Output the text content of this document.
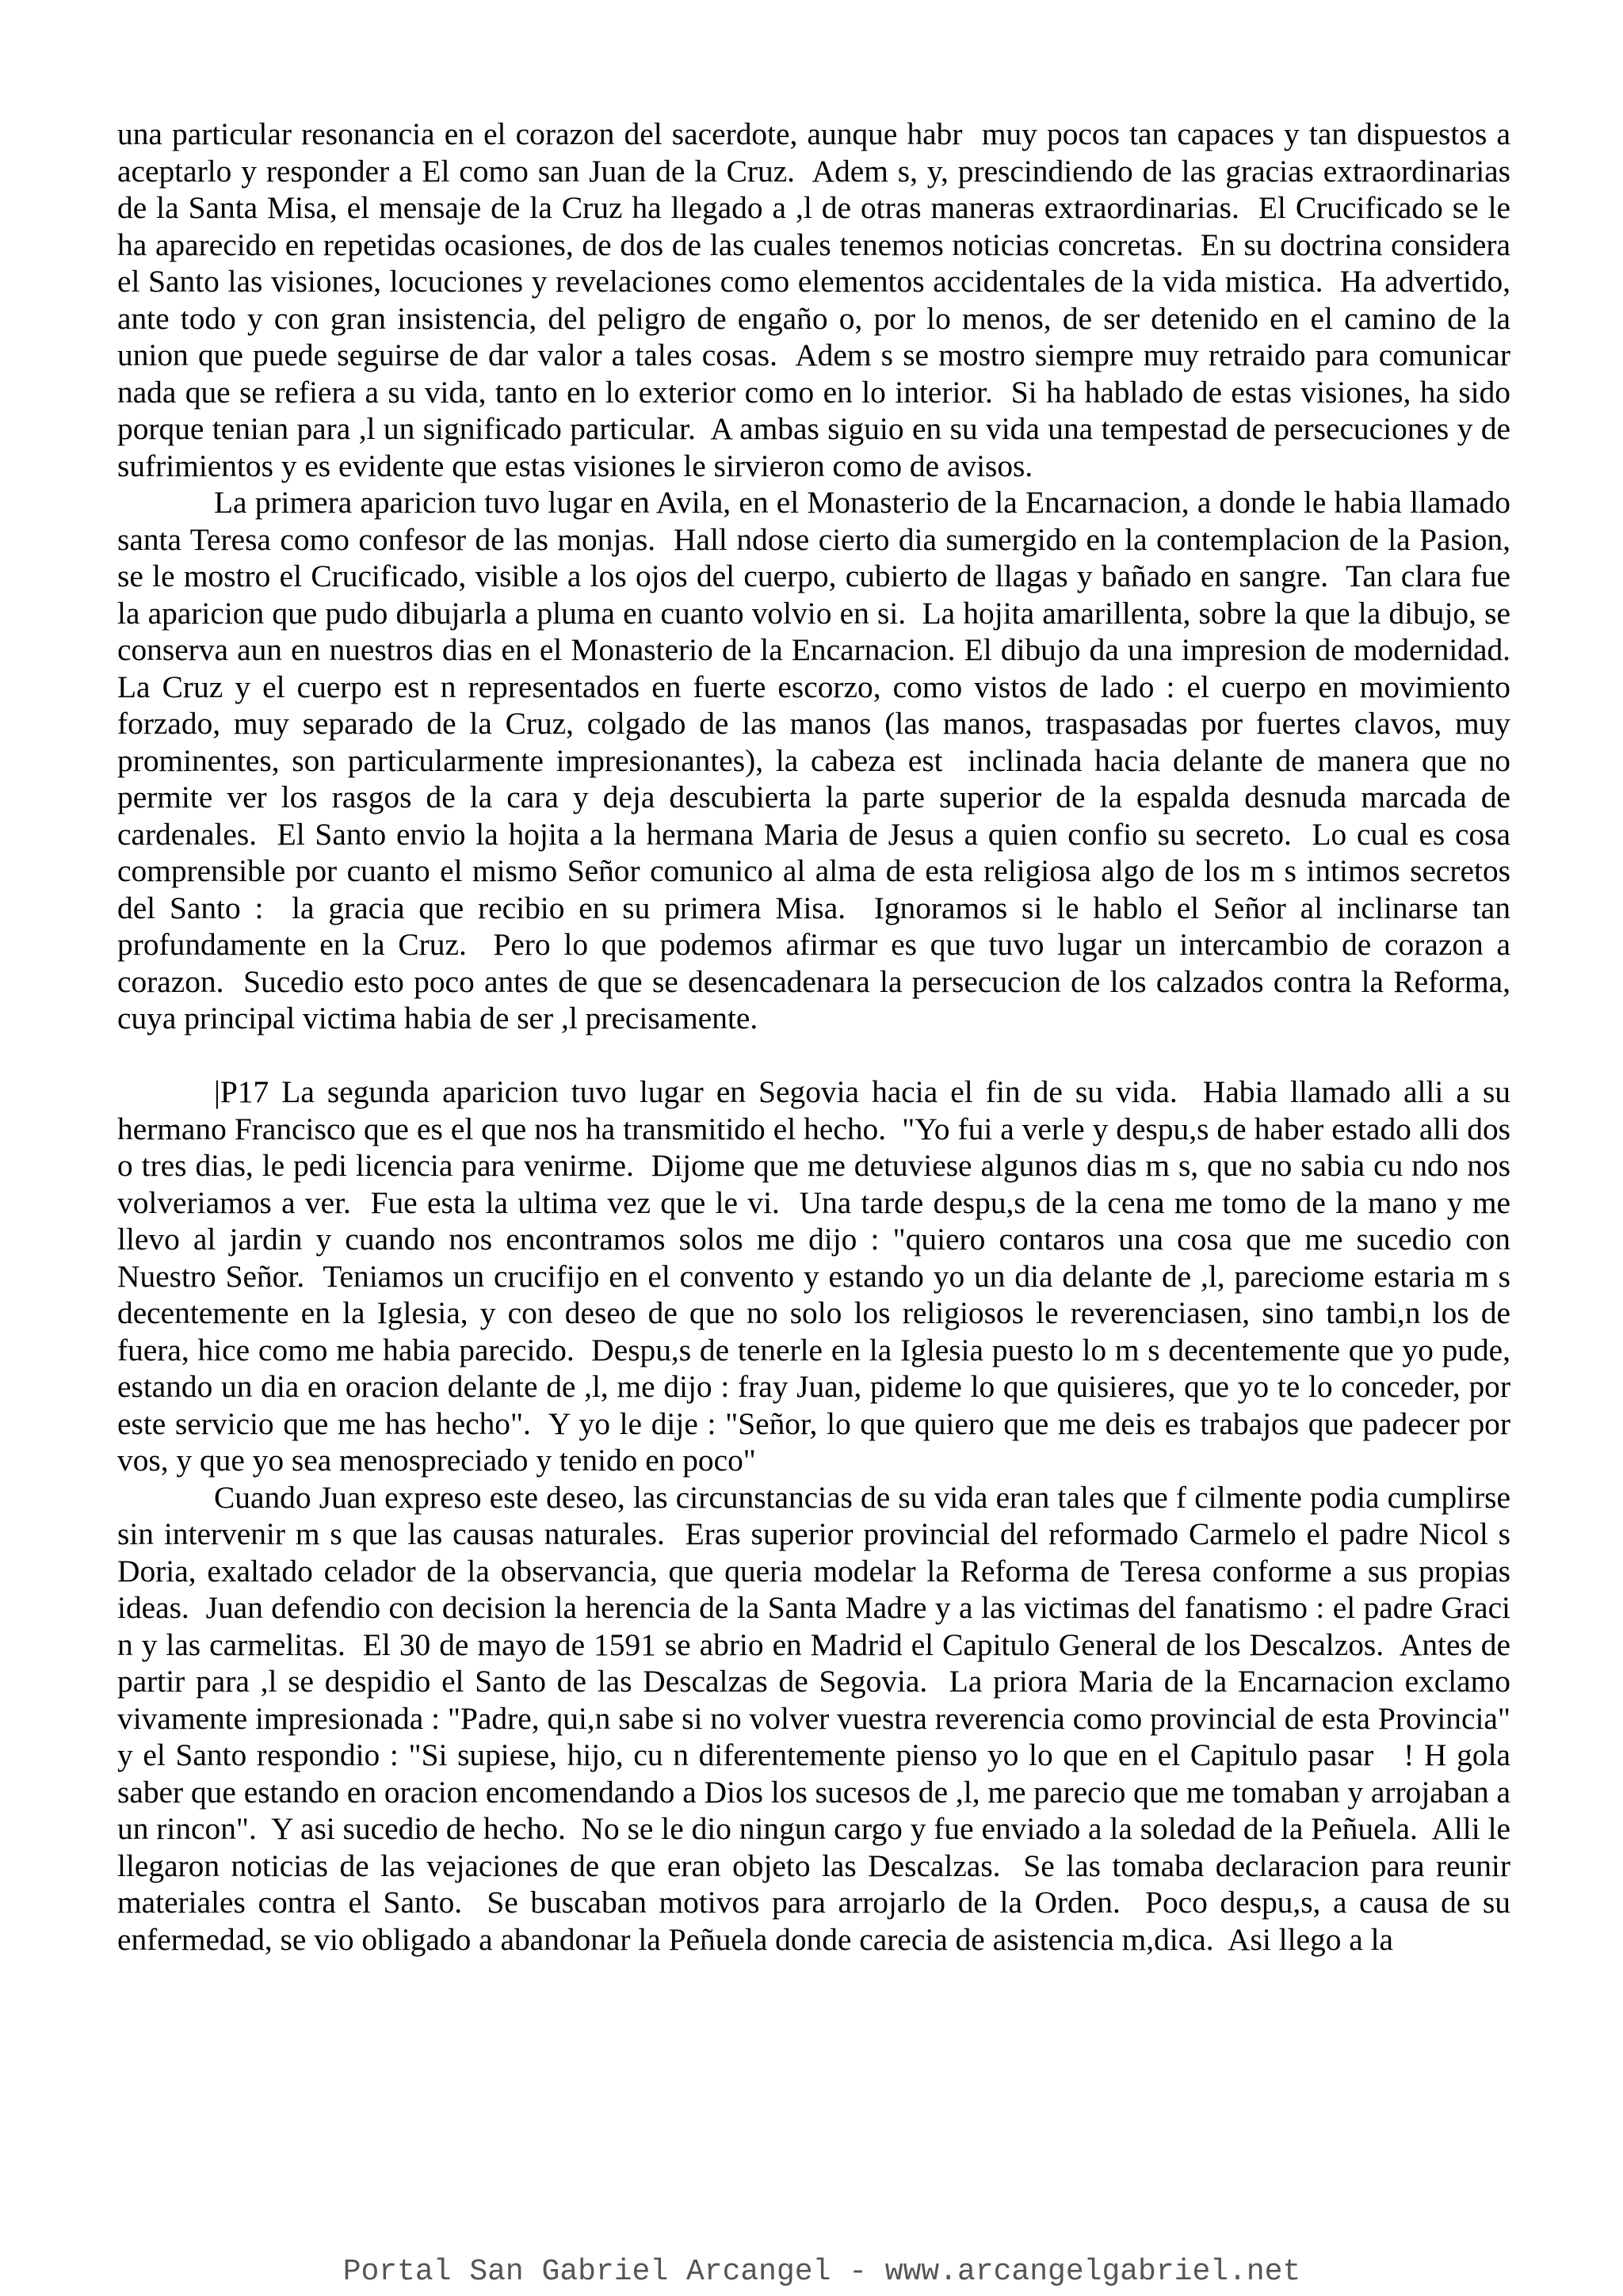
una particular resonancia en el corazon del sacerdote, aunque habr  muy pocos tan capaces y tan dispuestos a aceptarlo y responder a El como san Juan de la Cruz.  Adem s, y, prescindiendo de las gracias extraordinarias de la Santa Misa, el mensaje de la Cruz ha llegado a ,l de otras maneras extraordinarias.  El Crucificado se le ha aparecido en repetidas ocasiones, de dos de las cuales tenemos noticias concretas.  En su doctrina considera el Santo las visiones, locuciones y revelaciones como elementos accidentales de la vida mistica.  Ha advertido, ante todo y con gran insistencia, del peligro de engaño o, por lo menos, de ser detenido en el camino de la union que puede seguirse de dar valor a tales cosas.  Adem s se mostro siempre muy retraido para comunicar nada que se refiera a su vida, tanto en lo exterior como en lo interior.  Si ha hablado de estas visiones, ha sido porque tenian para ,l un significado particular.  A ambas siguio en su vida una tempestad de persecuciones y de sufrimientos y es evidente que estas visiones le sirvieron como de avisos.

La primera aparicion tuvo lugar en Avila, en el Monasterio de la Encarnacion, a donde le habia llamado santa Teresa como confesor de las monjas.  Hall ndose cierto dia sumergido en la contemplacion de la Pasion, se le mostro el Crucificado, visible a los ojos del cuerpo, cubierto de llagas y bañado en sangre.  Tan clara fue la aparicion que pudo dibujarla a pluma en cuanto volvio en si.  La hojita amarillenta, sobre la que la dibujo, se conserva aun en nuestros dias en el Monasterio de la Encarnacion. El dibujo da una impresion de modernidad.  La Cruz y el cuerpo est n representados en fuerte escorzo, como vistos de lado : el cuerpo en movimiento forzado, muy separado de la Cruz, colgado de las manos (las manos, traspasadas por fuertes clavos, muy prominentes, son particularmente impresionantes), la cabeza est  inclinada hacia delante de manera que no permite ver los rasgos de la cara y deja descubierta la parte superior de la espalda desnuda marcada de cardenales.  El Santo envio la hojita a la hermana Maria de Jesus a quien confio su secreto.  Lo cual es cosa comprensible por cuanto el mismo Señor comunico al alma de esta religiosa algo de los m s intimos secretos del Santo :  la gracia que recibio en su primera Misa.  Ignoramos si le hablo el Señor al inclinarse tan profundamente en la Cruz.  Pero lo que podemos afirmar es que tuvo lugar un intercambio de corazon a corazon.  Sucedio esto poco antes de que se desencadenara la persecucion de los calzados contra la Reforma, cuya principal victima habia de ser ,l precisamente.

|P17 La segunda aparicion tuvo lugar en Segovia hacia el fin de su vida.  Habia llamado alli a su hermano Francisco que es el que nos ha transmitido el hecho.  "Yo fui a verle y despu,s de haber estado alli dos o tres dias, le pedi licencia para venirme.  Dijome que me detuviese algunos dias m s, que no sabia cu ndo nos volveriamos a ver.  Fue esta la ultima vez que le vi.  Una tarde despu,s de la cena me tomo de la mano y me llevo al jardin y cuando nos encontramos solos me dijo : "quiero contaros una cosa que me sucedio con Nuestro Señor.  Teniamos un crucifijo en el convento y estando yo un dia delante de ,l, pareciome estaria m s decentemente en la Iglesia, y con deseo de que no solo los religiosos le reverenciasen, sino tambi,n los de fuera, hice como me habia parecido.  Despu,s de tenerle en la Iglesia puesto lo m s decentemente que yo pude, estando un dia en oracion delante de ,l, me dijo : fray Juan, pideme lo que quisieres, que yo te lo conceder, por este servicio que me has hecho".  Y yo le dije : "Señor, lo que quiero que me deis es trabajos que padecer por vos, y que yo sea menospreciado y tenido en poco"

Cuando Juan expreso este deseo, las circunstancias de su vida eran tales que f cilmente podia cumplirse sin intervenir m s que las causas naturales.  Eras superior provincial del reformado Carmelo el padre Nicol s Doria, exaltado celador de la observancia, que queria modelar la Reforma de Teresa conforme a sus propias ideas.  Juan defendio con decision la herencia de la Santa Madre y a las victimas del fanatismo : el padre Graci n y las carmelitas.  El 30 de mayo de 1591 se abrio en Madrid el Capitulo General de los Descalzos.  Antes de partir para ,l se despidio el Santo de las Descalzas de Segovia.  La priora Maria de la Encarnacion exclamo vivamente impresionada : "Padre, qui,n sabe si no volver vuestra reverencia como provincial de esta Provincia" y el Santo respondio : "Si supiese, hijo, cu n diferentemente pienso yo lo que en el Capitulo pasar   ! H gola saber que estando en oracion encomendando a Dios los sucesos de ,l, me parecio que me tomaban y arrojaban a un rincon".  Y asi sucedio de hecho.  No se le dio ningun cargo y fue enviado a la soledad de la Peñuela.  Alli le llegaron noticias de las vejaciones de que eran objeto las Descalzas.  Se las tomaba declaracion para reunir materiales contra el Santo.  Se buscaban motivos para arrojarlo de la Orden.  Poco despu,s, a causa de su enfermedad, se vio obligado a abandonar la Peñuela donde carecia de asistencia m,dica.  Asi llego a la

Portal San Gabriel Arcangel - www.arcangelgabriel.net
